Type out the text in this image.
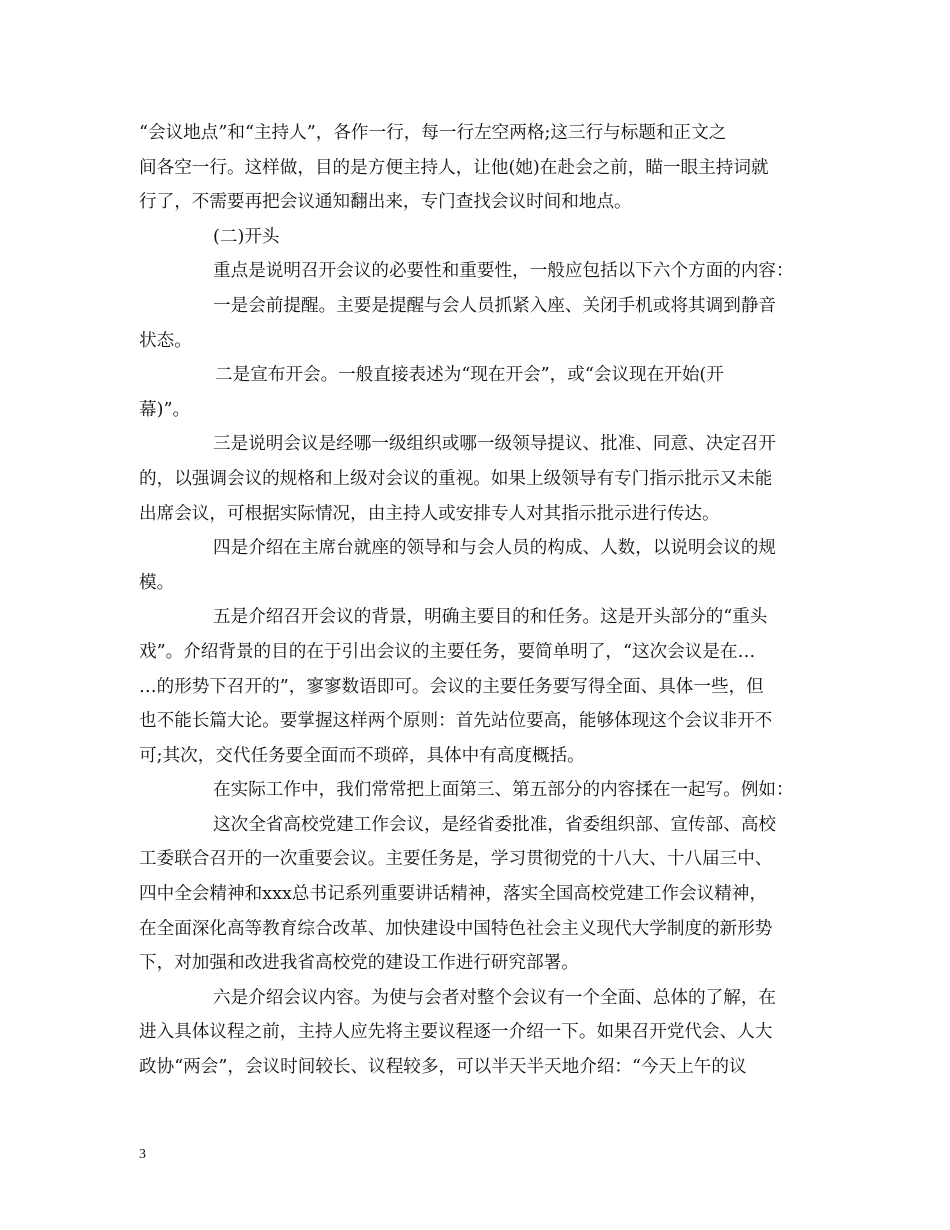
“会议地点”和“主持人”，各作一行，每一行左空两格;这三行与标题和正文之
间各空一行。这样做，目的是方便主持人，让他(她)在赴会之前，瞄一眼主持词就
行了，不需要再把会议通知翻出来，专门查找会议时间和地点。
(二)开头
重点是说明召开会议的必要性和重要性，一般应包括以下六个方面的内容：
一是会前提醒。主要是提醒与会人员抓紧入座、关闭手机或将其调到静音
状态。
二是宣布开会。一般直接表述为“现在开会”，或“会议现在开始(开
幕)”。
三是说明会议是经哪一级组织或哪一级领导提议、批准、同意、决定召开
的，以强调会议的规格和上级对会议的重视。如果上级领导有专门指示批示又未能
出席会议，可根据实际情况，由主持人或安排专人对其指示批示进行传达。
四是介绍在主席台就座的领导和与会人员的构成、人数，以说明会议的规
模。
五是介绍召开会议的背景，明确主要目的和任务。这是开头部分的“重头
戏”。介绍背景的目的在于引出会议的主要任务，要简单明了，“这次会议是在…
…的形势下召开的”，寥寥数语即可。会议的主要任务要写得全面、具体一些，但
也不能长篇大论。要掌握这样两个原则：首先站位要高，能够体现这个会议非开不
可;其次，交代任务要全面而不琐碎，具体中有高度概括。
在实际工作中，我们常常把上面第三、第五部分的内容揉在一起写。例如：
这次全省高校党建工作会议，是经省委批准，省委组织部、宣传部、高校
工委联合召开的一次重要会议。主要任务是，学习贯彻党的十八大、十八届三中、
四中全会精神和xxx总书记系列重要讲话精神，落实全国高校党建工作会议精神，
在全面深化高等教育综合改革、加快建设中国特色社会主义现代大学制度的新形势
下，对加强和改进我省高校党的建设工作进行研究部署。
六是介绍会议内容。为使与会者对整个会议有一个全面、总体的了解，在
进入具体议程之前，主持人应先将主要议程逐一介绍一下。如果召开党代会、人大
政协“两会”，会议时间较长、议程较多，可以半天半天地介绍：“今天上午的议
3
